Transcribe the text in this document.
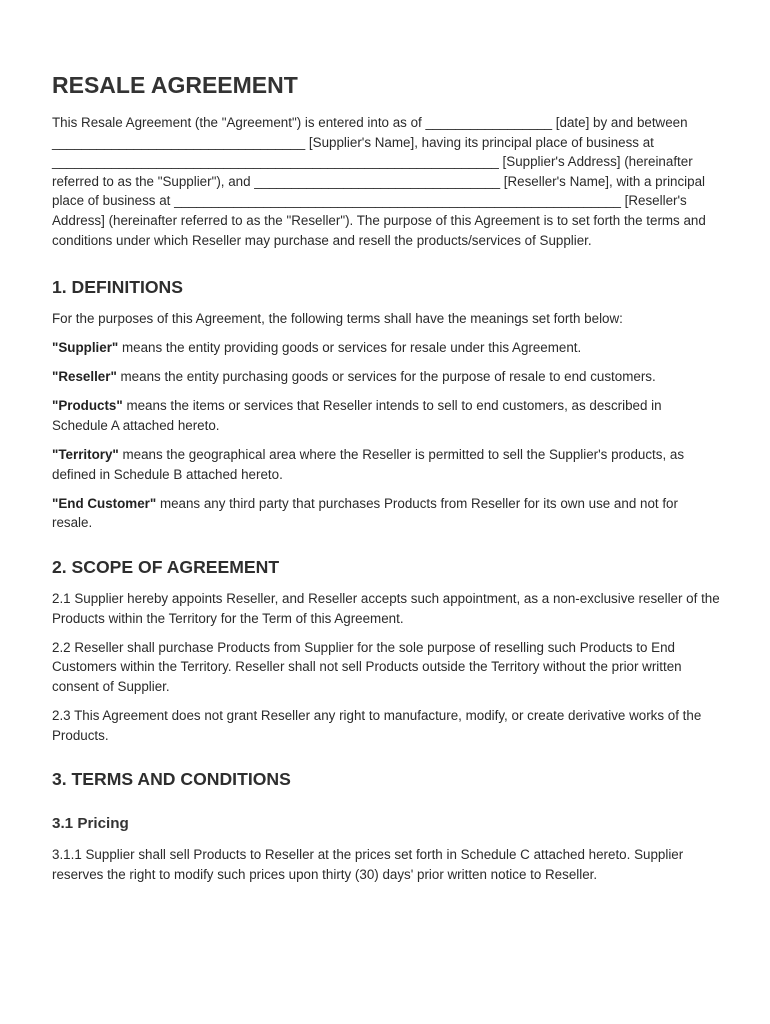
RESALE AGREEMENT

This Resale Agreement (the "Agreement") is entered into as of _________________ [date] by and between __________________________________ [Supplier's Name], having its principal place of business at ____________________________________________________________ [Supplier's Address] (hereinafter referred to as the "Supplier"), and _________________________________ [Reseller's Name], with a principal place of business at ____________________________________________________________ [Reseller's Address] (hereinafter referred to as the "Reseller"). The purpose of this Agreement is to set forth the terms and conditions under which Reseller may purchase and resell the products/services of Supplier.

1. DEFINITIONS

For the purposes of this Agreement, the following terms shall have the meanings set forth below:

"Supplier" means the entity providing goods or services for resale under this Agreement.

"Reseller" means the entity purchasing goods or services for the purpose of resale to end customers.

"Products" means the items or services that Reseller intends to sell to end customers, as described in Schedule A attached hereto.

"Territory" means the geographical area where the Reseller is permitted to sell the Supplier's products, as defined in Schedule B attached hereto.

"End Customer" means any third party that purchases Products from Reseller for its own use and not for resale.

2. SCOPE OF AGREEMENT

2.1 Supplier hereby appoints Reseller, and Reseller accepts such appointment, as a non-exclusive reseller of the Products within the Territory for the Term of this Agreement.

2.2 Reseller shall purchase Products from Supplier for the sole purpose of reselling such Products to End Customers within the Territory. Reseller shall not sell Products outside the Territory without the prior written consent of Supplier.

2.3 This Agreement does not grant Reseller any right to manufacture, modify, or create derivative works of the Products.

3. TERMS AND CONDITIONS
3.1 Pricing

3.1.1 Supplier shall sell Products to Reseller at the prices set forth in Schedule C attached hereto. Supplier reserves the right to modify such prices upon thirty (30) days' prior written notice to Reseller.
